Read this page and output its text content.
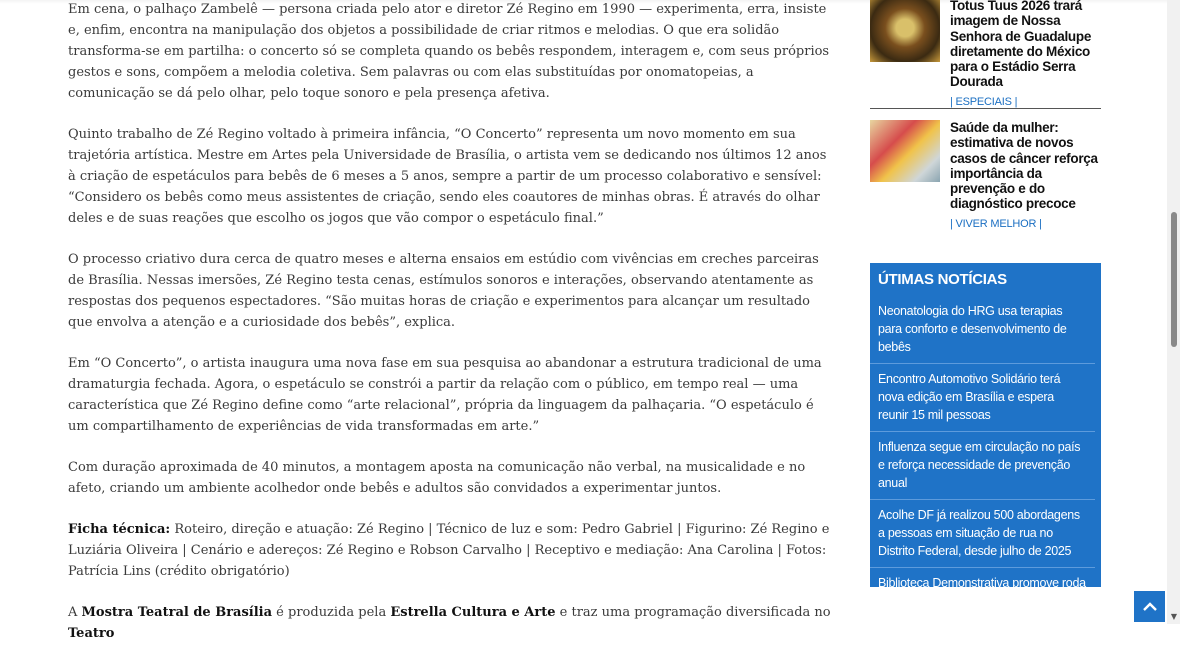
Em cena, o palhaço Zambelê — persona criada pelo ator e diretor Zé Regino em 1990 — experimenta, erra, insiste e, enfim, encontra na manipulação dos objetos a possibilidade de criar ritmos e melodias. O que era solidão transforma-se em partilha: o concerto só se completa quando os bebês respondem, interagem e, com seus próprios gestos e sons, compõem a melodia coletiva. Sem palavras ou com elas substituídas por onomatopeias, a comunicação se dá pelo olhar, pelo toque sonoro e pela presença afetiva.

Quinto trabalho de Zé Regino voltado à primeira infância, “O Concerto” representa um novo momento em sua trajetória artística. Mestre em Artes pela Universidade de Brasília, o artista vem se dedicando nos últimos 12 anos à criação de espetáculos para bebês de 6 meses a 5 anos, sempre a partir de um processo colaborativo e sensível: “Considero os bebês como meus assistentes de criação, sendo eles coautores de minhas obras. É através do olhar deles e de suas reações que escolho os jogos que vão compor o espetáculo final.”

O processo criativo dura cerca de quatro meses e alterna ensaios em estúdio com vivências em creches parceiras de Brasília. Nessas imersões, Zé Regino testa cenas, estímulos sonoros e interações, observando atentamente as respostas dos pequenos espectadores. “São muitas horas de criação e experimentos para alcançar um resultado que envolva a atenção e a curiosidade dos bebês”, explica.

Em “O Concerto”, o artista inaugura uma nova fase em sua pesquisa ao abandonar a estrutura tradicional de uma dramaturgia fechada. Agora, o espetáculo se constrói a partir da relação com o público, em tempo real — uma característica que Zé Regino define como “arte relacional”, própria da linguagem da palhaçaria. “O espetáculo é um compartilhamento de experiências de vida transformadas em arte.”

Com duração aproximada de 40 minutos, a montagem aposta na comunicação não verbal, na musicalidade e no afeto, criando um ambiente acolhedor onde bebês e adultos são convidados a experimentar juntos.

Ficha técnica: Roteiro, direção e atuação: Zé Regino | Técnico de luz e som: Pedro Gabriel | Figurino: Zé Regino e Luziária Oliveira | Cenário e adereços: Zé Regino e Robson Carvalho | Receptivo e mediação: Ana Carolina | Fotos: Patrícia Lins (crédito obrigatório)

A Mostra Teatral de Brasília é produzida pela Estrella Cultura e Arte e traz uma programação diversificada no Teatro

Totus Tuus 2026 trará imagem de Nossa Senhora de Guadalupe diretamente do México para o Estádio Serra Dourada
| ESPECIAIS |
Saúde da mulher: estimativa de novos casos de câncer reforça importância da prevenção e do diagnóstico precoce
| VIVER MELHOR |
ÚTIMAS NOTÍCIAS
Neonatologia do HRG usa terapias para conforto e desenvolvimento de bebês
Encontro Automotivo Solidário terá nova edição em Brasília e espera reunir 15 mil pessoas
Influenza segue em circulação no país e reforça necessidade de prevenção anual
Acolhe DF já realizou 500 abordagens a pessoas em situação de rua no Distrito Federal, desde julho de 2025
Biblioteca Demonstrativa promove roda de conversa sobre TDAH no contexto escolar	▼
